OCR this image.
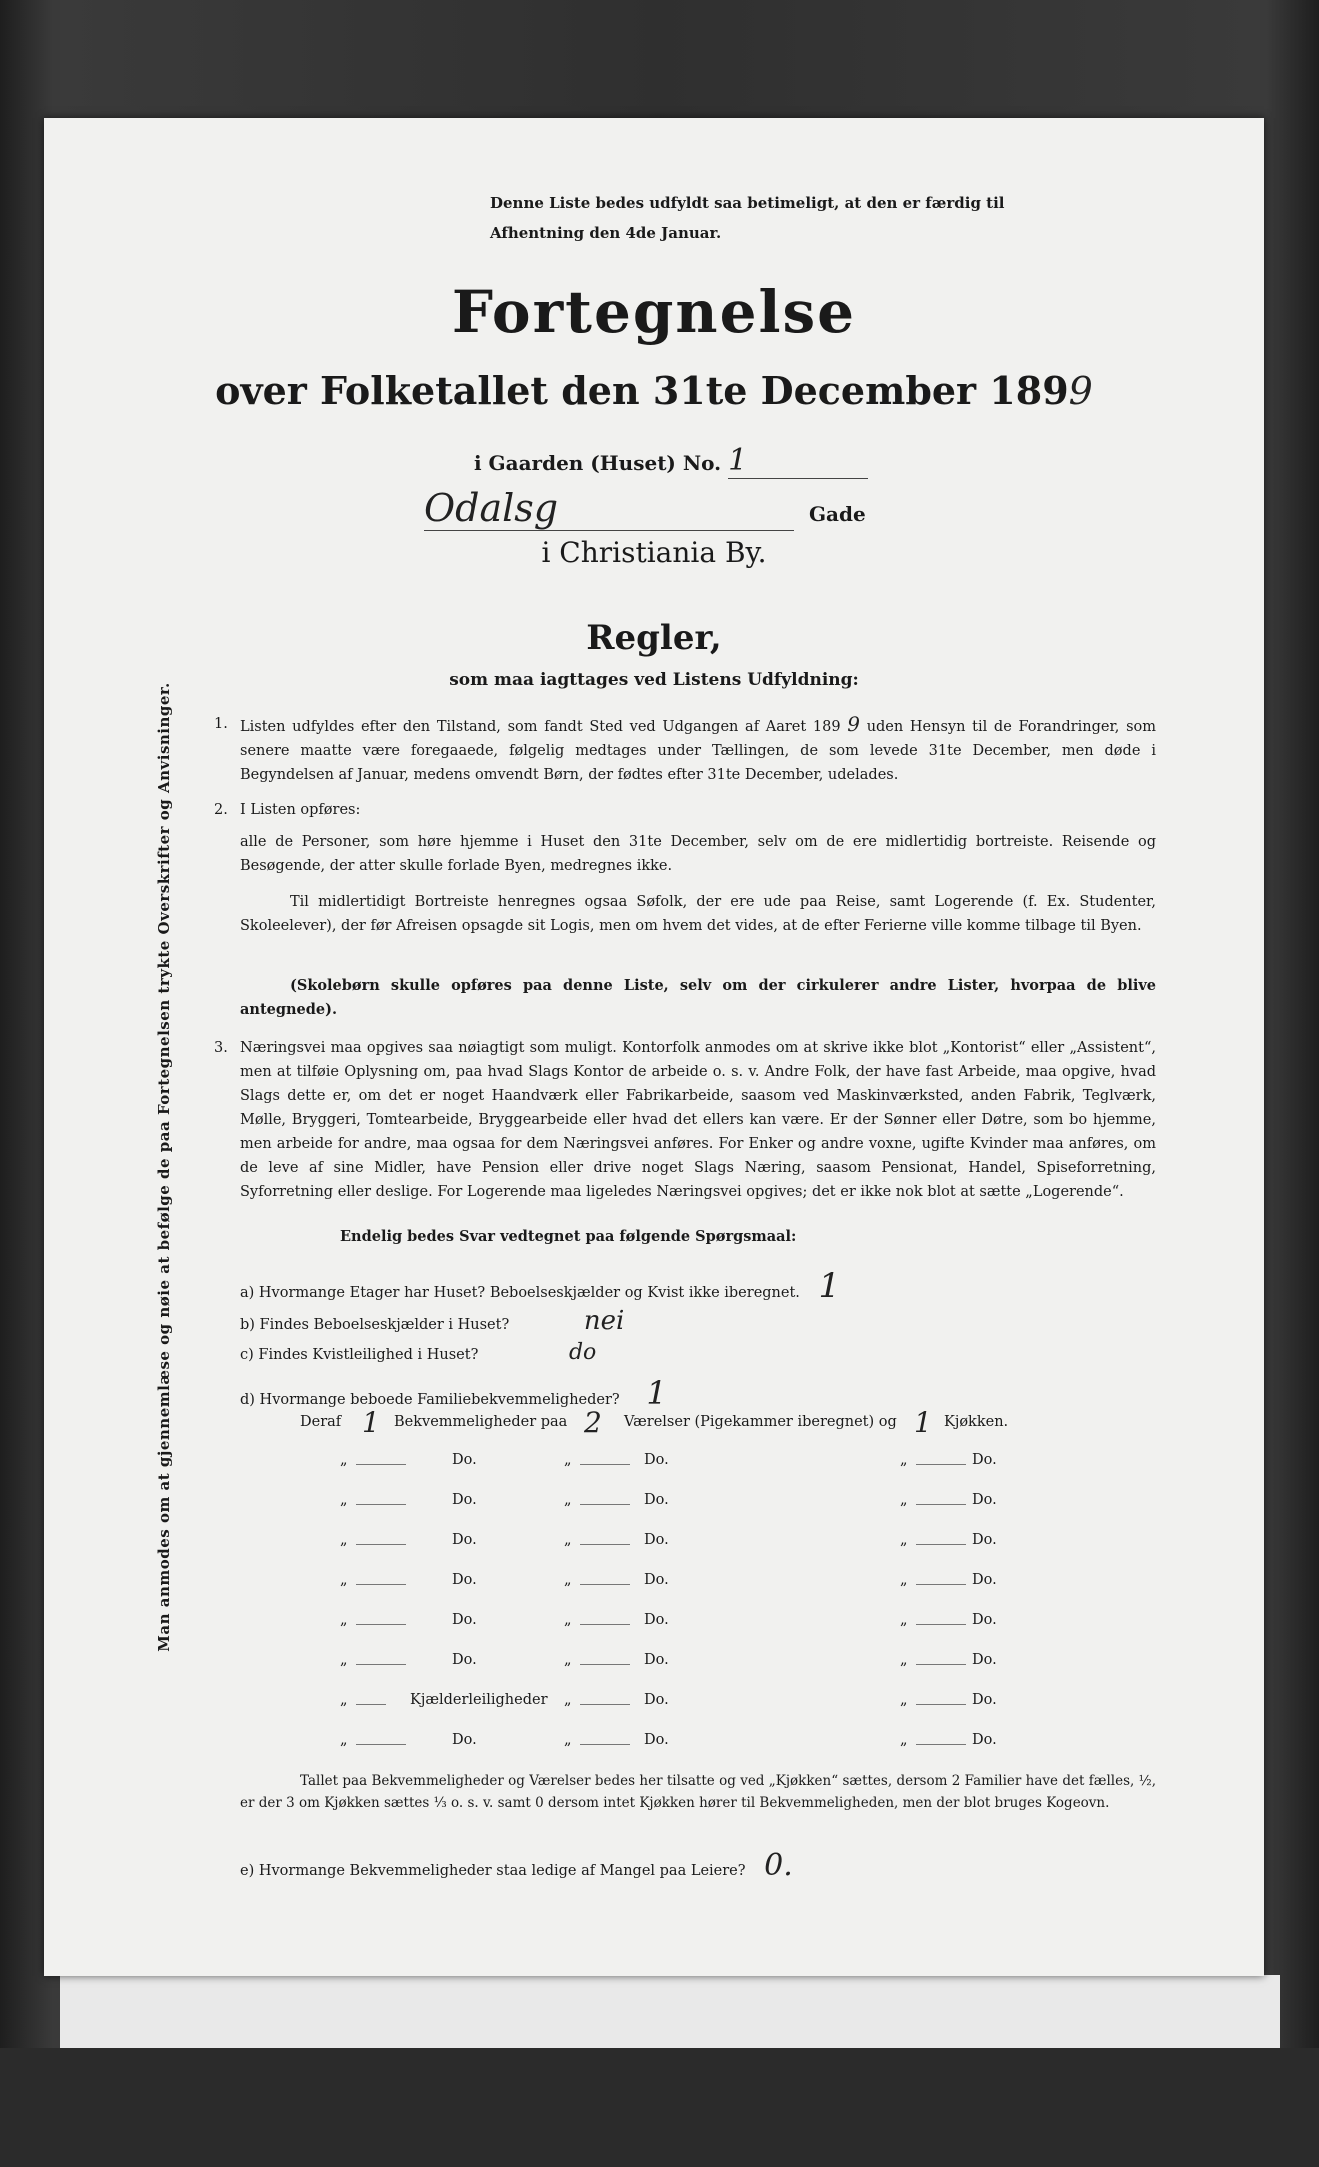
Man anmodes om at gjennemlæse og nøie at befølge de paa Fortegnelsen trykte Overskrifter og Anvisninger.
Denne Liste bedes udfyldt saa betimeligt, at den er færdig til
Afhentning den 4de Januar.
Fortegnelse
over Folketallet den 31te December 1899
i Gaarden (Huset) No. 1
Odalsg	Gade
i Christiania By.
Regler,
som maa iagttages ved Listens Udfyldning:
1. Listen udfyldes efter den Tilstand, som fandt Sted ved Udgangen af Aaret 189 9 uden Hensyn til de Forandringer, som senere maatte være foregaaede, følgelig medtages under Tællingen, de som levede 31te December, men døde i Begyndelsen af Januar, medens omvendt Børn, der fødtes efter 31te December, udelades.
2. I Listen opføres:
alle de Personer, som høre hjemme i Huset den 31te December, selv om de ere midlertidig bortreiste. Reisende og Besøgende, der atter skulle forlade Byen, medregnes ikke.
Til midlertidigt Bortreiste henregnes ogsaa Søfolk, der ere ude paa Reise, samt Logerende (f. Ex. Studenter, Skoleelever), der før Afreisen opsagde sit Logis, men om hvem det vides, at de efter Ferierne ville komme tilbage til Byen.
(Skolebørn skulle opføres paa denne Liste, selv om der cirkulerer andre Lister, hvorpaa de blive antegnede).
3. Næringsvei maa opgives saa nøiagtigt som muligt. Kontorfolk anmodes om at skrive ikke blot „Kontorist“ eller „Assistent“, men at tilføie Oplysning om, paa hvad Slags Kontor de arbeide o. s. v. Andre Folk, der have fast Arbeide, maa opgive, hvad Slags dette er, om det er noget Haandværk eller Fabrikarbeide, saasom ved Maskinværksted, anden Fabrik, Teglværk, Mølle, Bryggeri, Tomtearbeide, Bryggearbeide eller hvad det ellers kan være. Er der Sønner eller Døtre, som bo hjemme, men arbeide for andre, maa ogsaa for dem Næringsvei anføres. For Enker og andre voxne, ugifte Kvinder maa anføres, om de leve af sine Midler, have Pension eller drive noget Slags Næring, saasom Pensionat, Handel, Spiseforretning, Syforretning eller deslige. For Logerende maa ligeledes Næringsvei opgives; det er ikke nok blot at sætte „Logerende“.
Endelig bedes Svar vedtegnet paa følgende Spørgsmaal:
a) Hvormange Etager har Huset? Beboelseskjælder og Kvist ikke iberegnet. 1
b) Findes Beboelseskjælder i Huset?	nei
c) Findes Kvistleilighed i Huset?	do
d) Hvormange beboede Familiebekvemmeligheder? 1
Deraf 1 Bekvemmeligheder paa 2 Værelser (Pigekammer iberegnet) og 1 Kjøkken.
„	Do.	„	Do.	„	Do.
„	Do.	„	Do.	„	Do.
„	Do.	„	Do.	„	Do.
„	Do.	„	Do.	„	Do.
„	Do.	„	Do.	„	Do.
„	Do.	„	Do.	„	Do.
„	Kjælderleiligheder „	Do.	„	Do.
„	Do.	„	Do.	„	Do.
Tallet paa Bekvemmeligheder og Værelser bedes her tilsatte og ved „Kjøkken“ sættes, dersom 2 Familier have det fælles, ½, er der 3 om Kjøkken sættes ⅓ o. s. v. samt 0 dersom intet Kjøkken hører til Bekvemmeligheden, men der blot bruges Kogeovn.
e) Hvormange Bekvemmeligheder staa ledige af Mangel paa Leiere? 0.
